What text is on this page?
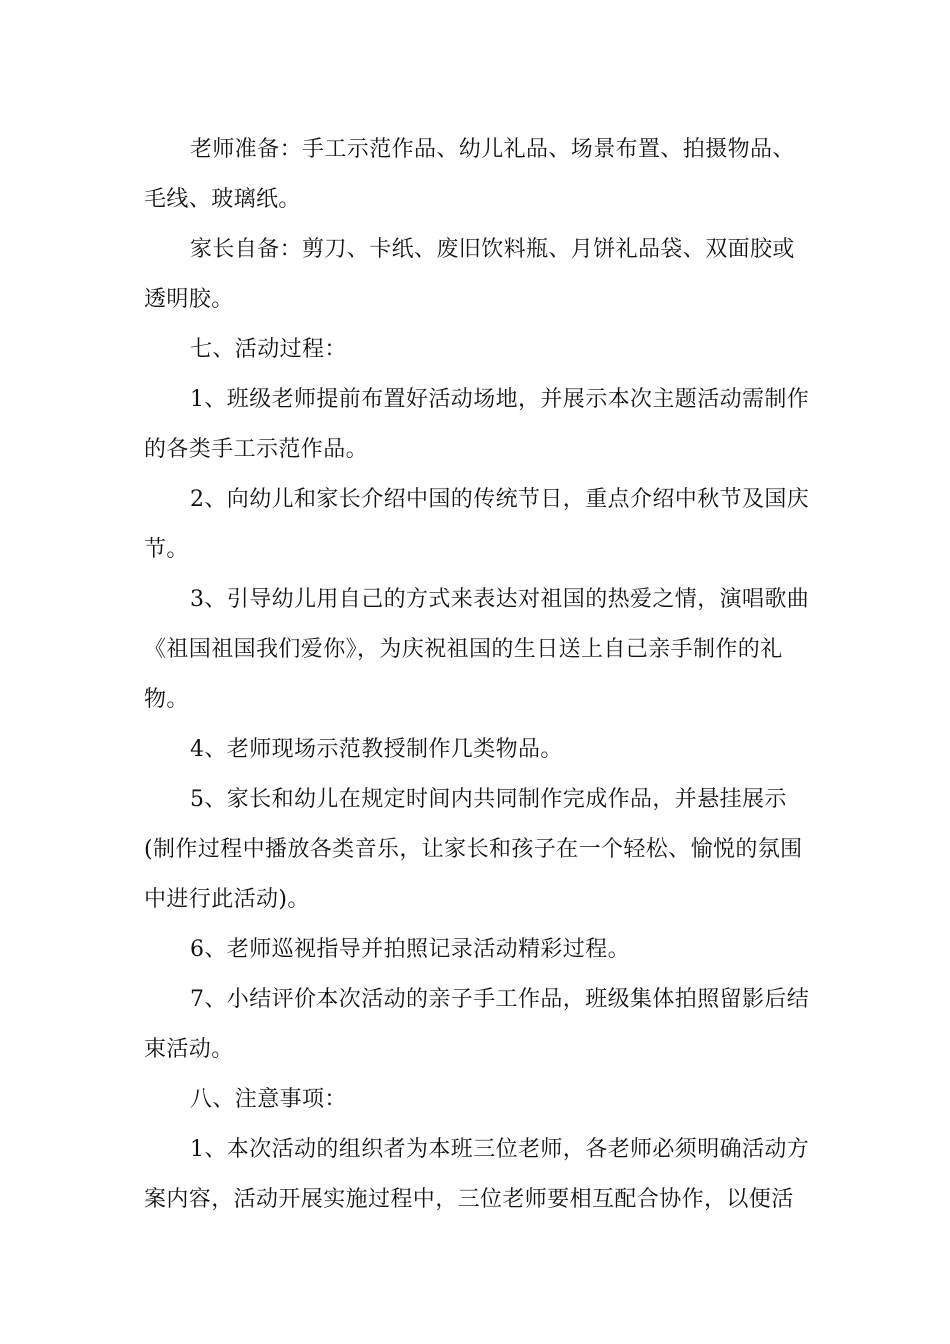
老师准备：手工示范作品、幼儿礼品、场景布置、拍摄物品、
毛线、玻璃纸。
家长自备：剪刀、卡纸、废旧饮料瓶、月饼礼品袋、双面胶或
透明胶。
七、活动过程：
1、班级老师提前布置好活动场地，并展示本次主题活动需制作
的各类手工示范作品。
2、向幼儿和家长介绍中国的传统节日，重点介绍中秋节及国庆
节。
3、引导幼儿用自己的方式来表达对祖国的热爱之情，演唱歌曲
《祖国祖国我们爱你》，为庆祝祖国的生日送上自己亲手制作的礼
物。
4、老师现场示范教授制作几类物品。
5、家长和幼儿在规定时间内共同制作完成作品，并悬挂展示
(制作过程中播放各类音乐，让家长和孩子在一个轻松、愉悦的氛围
中进行此活动)。
6、老师巡视指导并拍照记录活动精彩过程。
7、小结评价本次活动的亲子手工作品，班级集体拍照留影后结
束活动。
八、注意事项：
1、本次活动的组织者为本班三位老师，各老师必须明确活动方
案内容，活动开展实施过程中，三位老师要相互配合协作，以便活
